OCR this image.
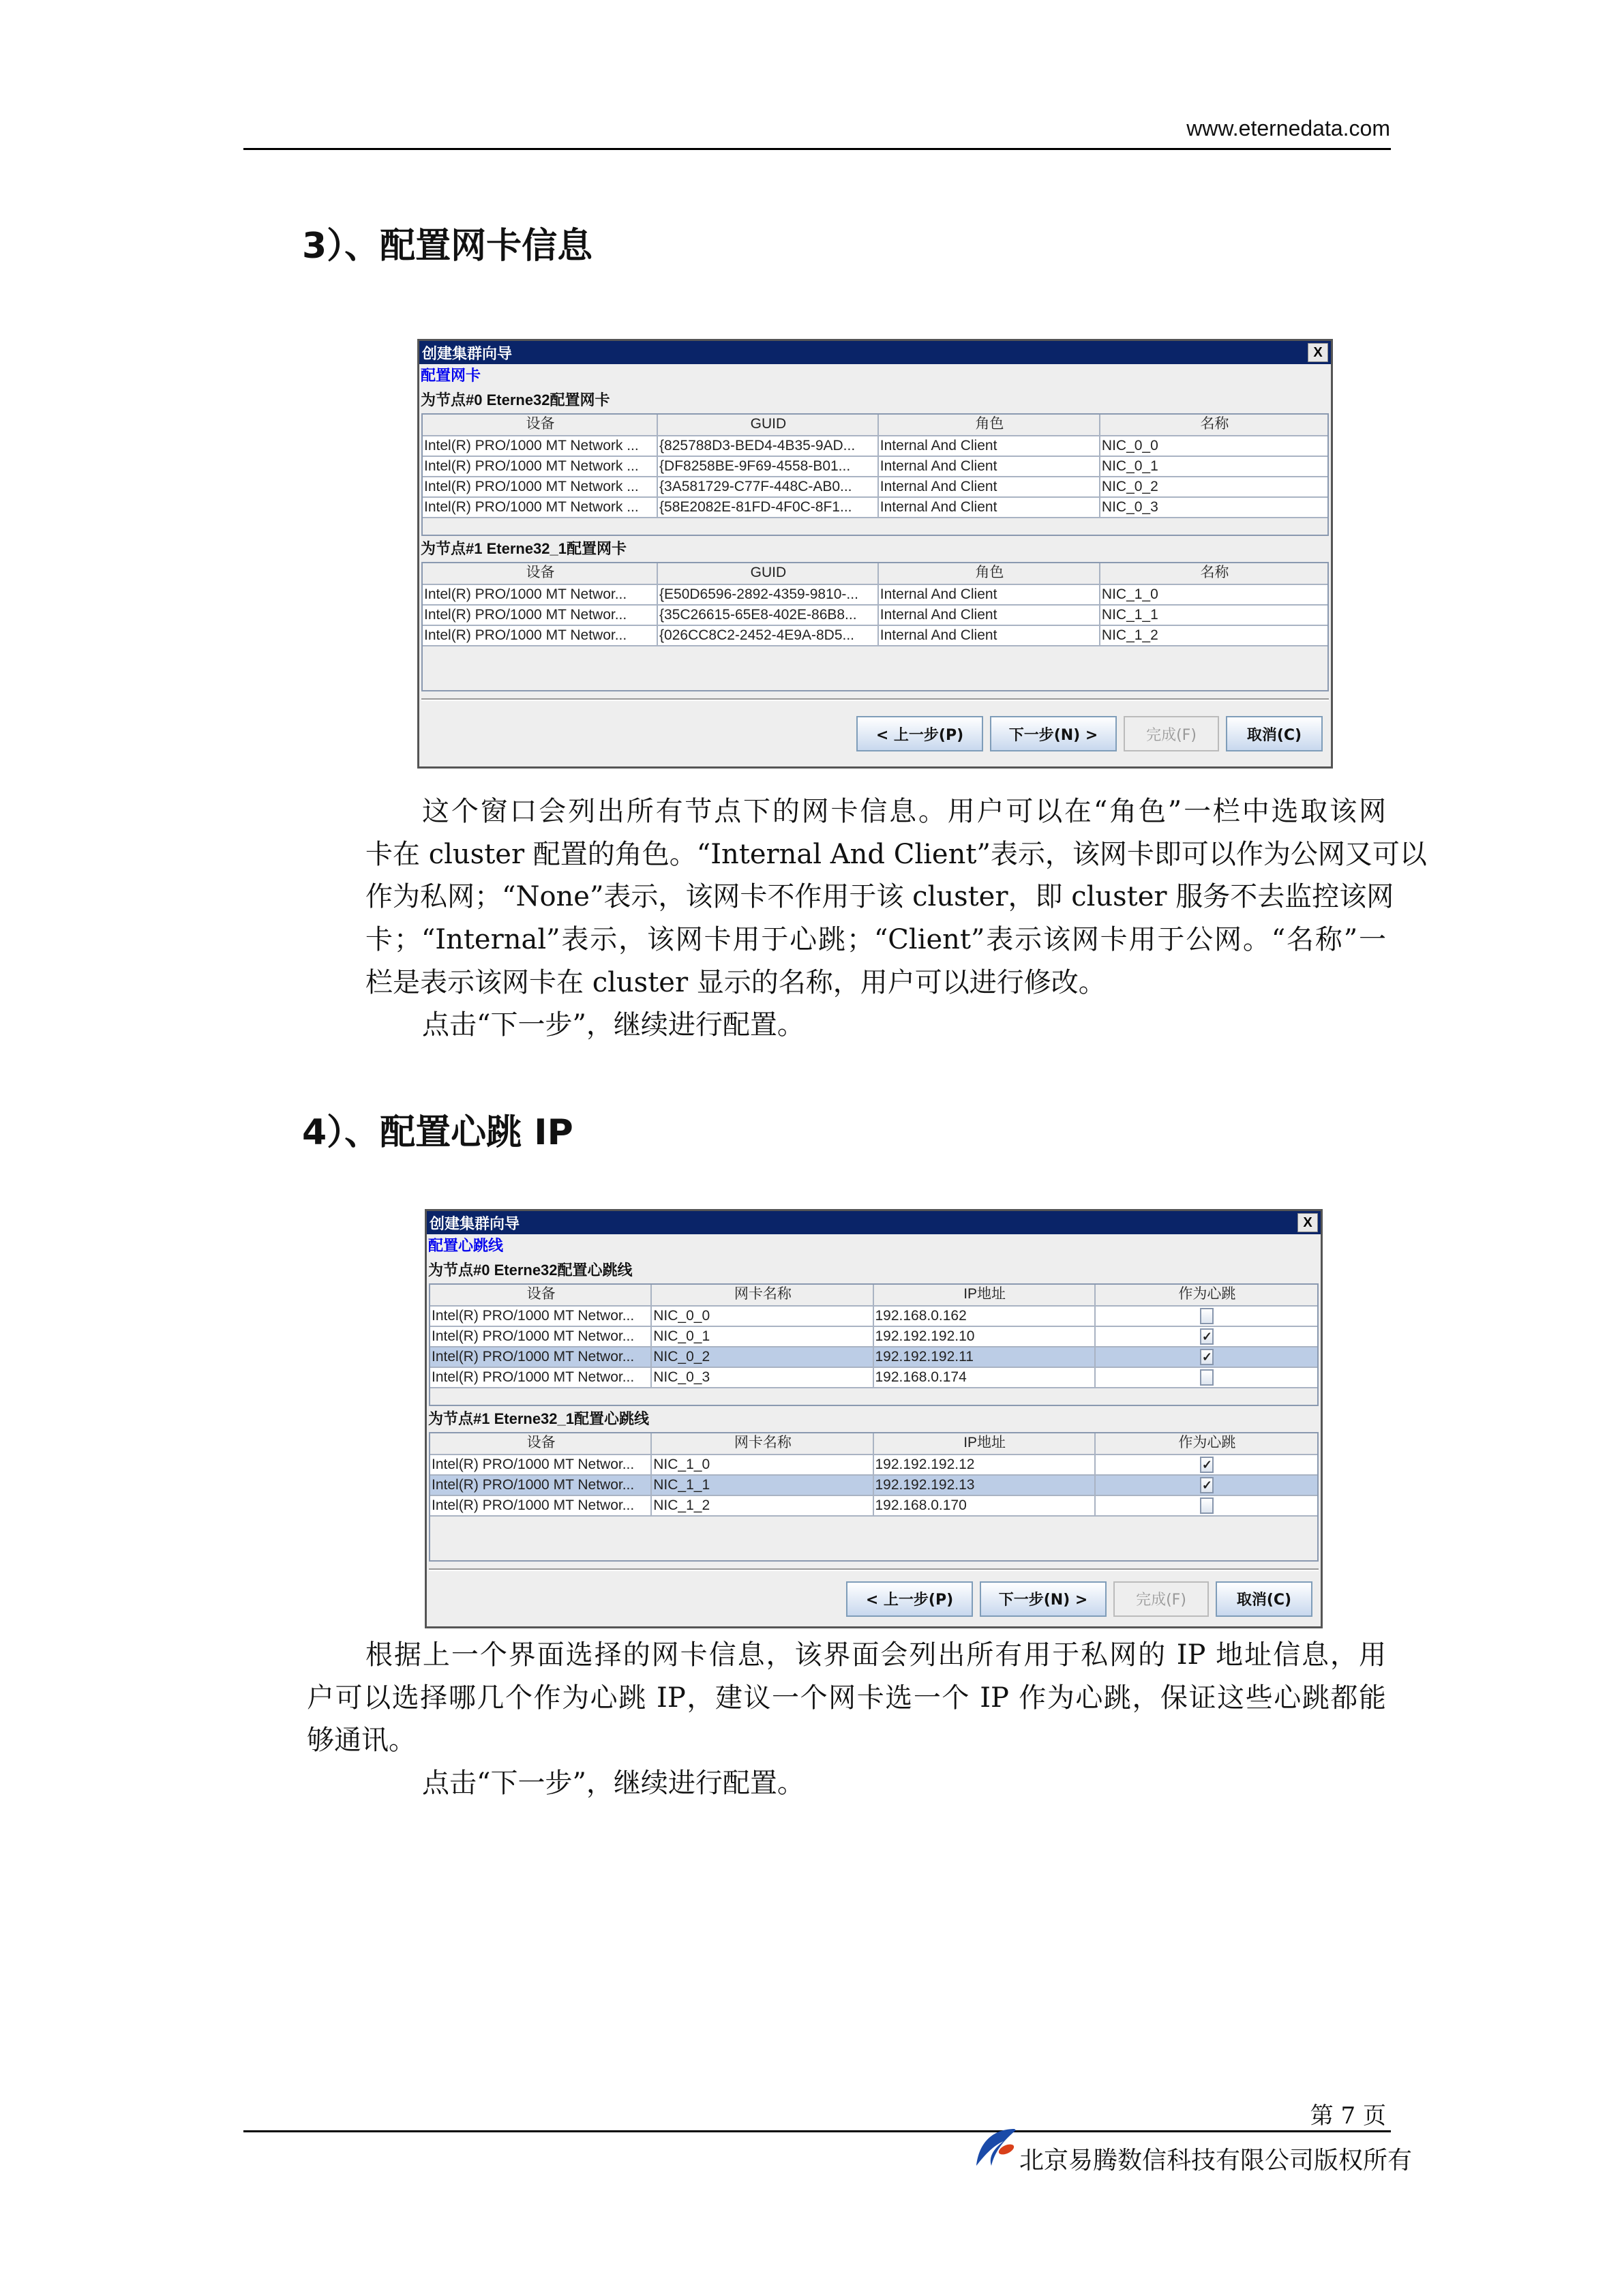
www.eternedata.com
3）、配置网卡信息
创建集群向导	X
配置网卡
为节点#0 Eterne32配置网卡
设备	GUID	角色	名称
Intel(R) PRO/1000 MT Network ...	{825788D3-BED4-4B35-9AD...	Internal And Client	NIC_0_0
Intel(R) PRO/1000 MT Network ...	{DF8258BE-9F69-4558-B01...	Internal And Client	NIC_0_1
Intel(R) PRO/1000 MT Network ...	{3A581729-C77F-448C-AB0...	Internal And Client	NIC_0_2
Intel(R) PRO/1000 MT Network ...	{58E2082E-81FD-4F0C-8F1...	Internal And Client	NIC_0_3
为节点#1 Eterne32_1配置网卡
设备	GUID	角色	名称
Intel(R) PRO/1000 MT Networ...	{E50D6596-2892-4359-9810-...	Internal And Client	NIC_1_0
Intel(R) PRO/1000 MT Networ...	{35C26615-65E8-402E-86B8...	Internal And Client	NIC_1_1
Intel(R) PRO/1000 MT Networ...	{026CC8C2-2452-4E9A-8D5...	Internal And Client	NIC_1_2
< 上一步(P)	下一步(N) >	完成(F)	取消(C)
这个窗口会列出所有节点下的网卡信息。用户可以在“角色”一栏中选取该网
卡在 cluster 配置的角色。“Internal And Client”表示，该网卡即可以作为公网又可以
作为私网；“None”表示，该网卡不作用于该 cluster，即 cluster 服务不去监控该网
卡；“Internal”表示，该网卡用于心跳；“Client”表示该网卡用于公网。“名称”一
栏是表示该网卡在 cluster 显示的名称，用户可以进行修改。
点击“下一步”，继续进行配置。
4）、配置心跳 IP
创建集群向导	X
配置心跳线
为节点#0 Eterne32配置心跳线
设备	网卡名称	IP地址	作为心跳
Intel(R) PRO/1000 MT Networ...	NIC_0_0	192.168.0.162
Intel(R) PRO/1000 MT Networ...	NIC_0_1	192.192.192.10	✓
Intel(R) PRO/1000 MT Networ...	NIC_0_2	192.192.192.11	✓
Intel(R) PRO/1000 MT Networ...	NIC_0_3	192.168.0.174
为节点#1 Eterne32_1配置心跳线
设备	网卡名称	IP地址	作为心跳
Intel(R) PRO/1000 MT Networ...	NIC_1_0	192.192.192.12	✓
Intel(R) PRO/1000 MT Networ...	NIC_1_1	192.192.192.13	✓
Intel(R) PRO/1000 MT Networ...	NIC_1_2	192.168.0.170
< 上一步(P)	下一步(N) >	完成(F)	取消(C)
根据上一个界面选择的网卡信息，该界面会列出所有用于私网的 IP 地址信息，用
户可以选择哪几个作为心跳 IP，建议一个网卡选一个 IP 作为心跳，保证这些心跳都能
够通讯。
点击“下一步”，继续进行配置。
第 7 页
北京易腾数信科技有限公司版权所有
